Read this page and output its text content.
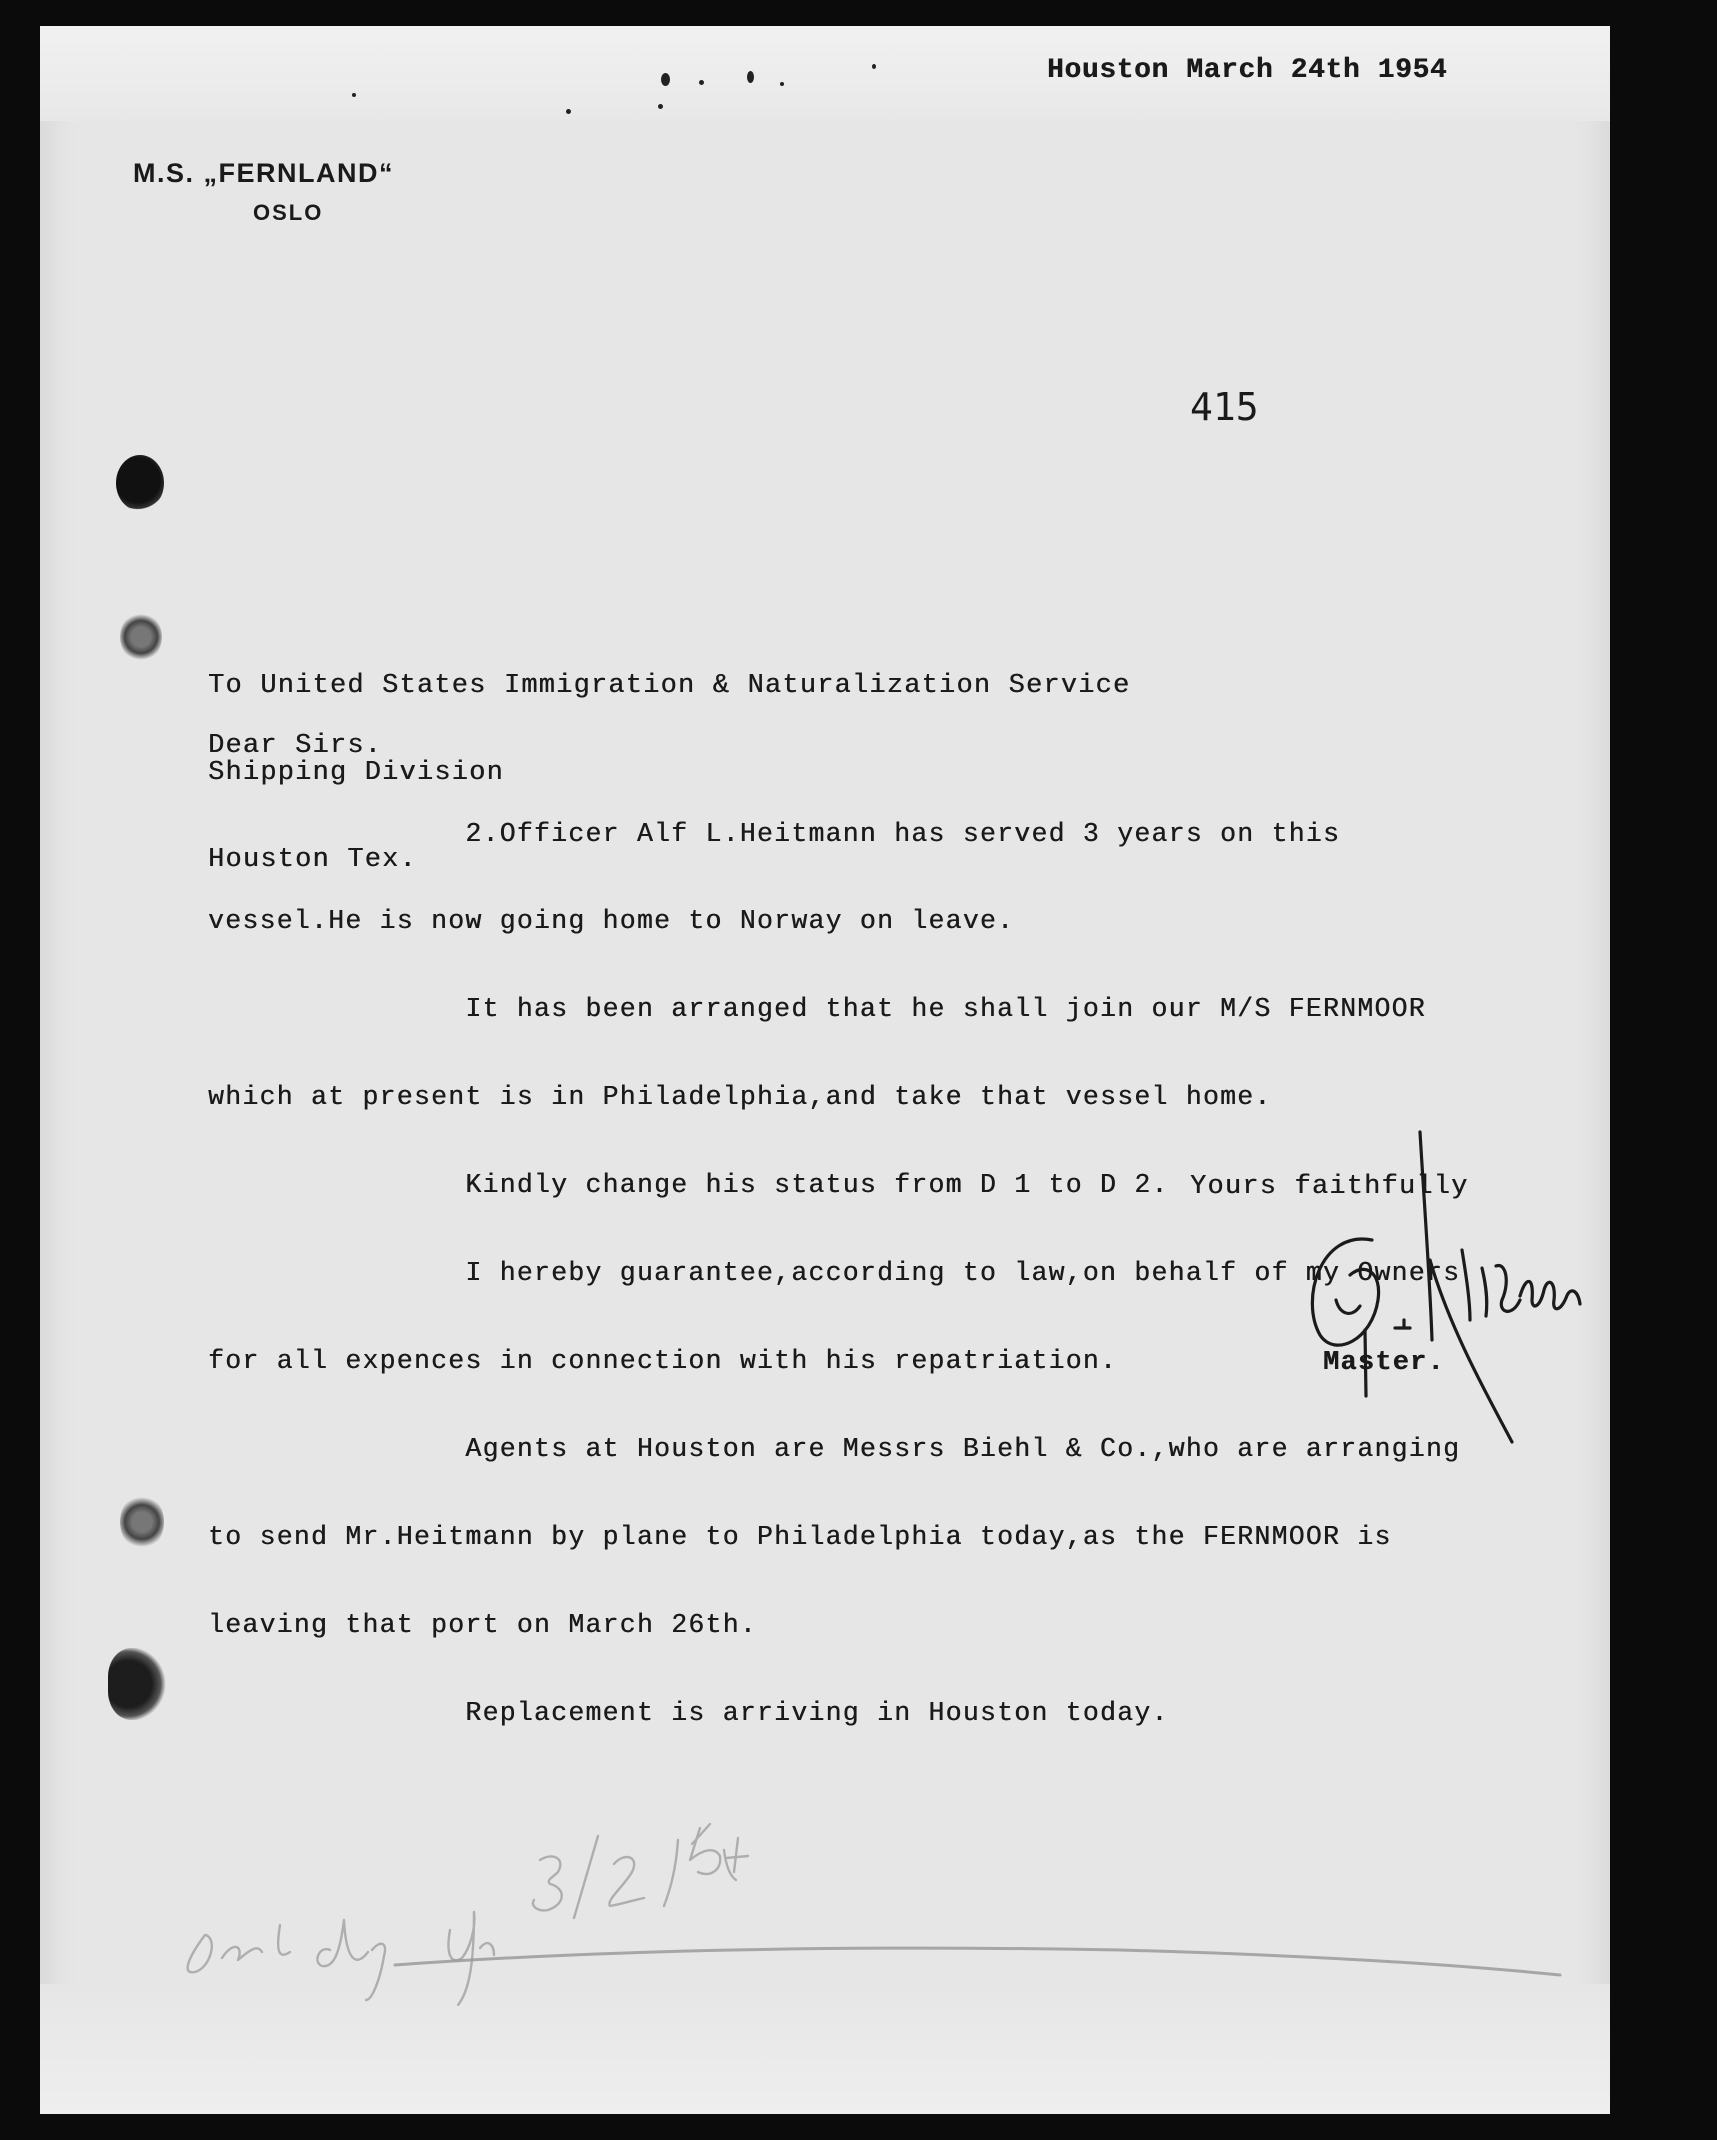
Houston March 24th 1954
M.S. „FERNLAND“
OSLO
415

To United States Immigration & Naturalization Service

Shipping Division

Houston Tex.

Dear Sirs.

2.Officer Alf L.Heitmann has served 3 years on this

vessel.He is now going home to Norway on leave.

It has been arranged that he shall join our M/S FERNMOOR

which at present is in Philadelphia,and take that vessel home.

Kindly change his status from D 1 to D 2.

I hereby guarantee,according to law,on behalf of my Owners

for all expences in connection with his repatriation.

Agents at Houston are Messrs Biehl & Co.,who are arranging

to send Mr.Heitmann by plane to Philadelphia today,as the FERNMOOR is

leaving that port on March 26th.

Replacement is arriving in Houston today.

Yours faithfully
Master.
